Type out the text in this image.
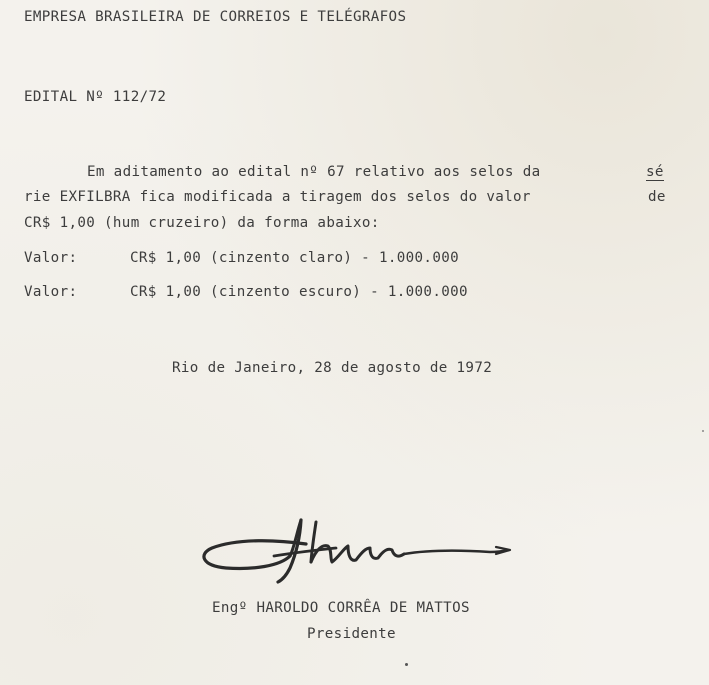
EMPRESA BRASILEIRA DE CORREIOS E TELÉGRAFOS
EDITAL Nº 112/72
Em aditamento ao edital nº 67 relativo aos selos da	sé
rie EXFILBRA fica modificada a tiragem dos selos do valor	de
CR$ 1,00 (hum cruzeiro) da forma abaixo:
Valor:	CR$ 1,00 (cinzento claro) - 1.000.000
Valor:	CR$ 1,00 (cinzento escuro) - 1.000.000
Rio de Janeiro, 28 de agosto de 1972
Engº HAROLDO CORRÊA DE MATTOS
Presidente
